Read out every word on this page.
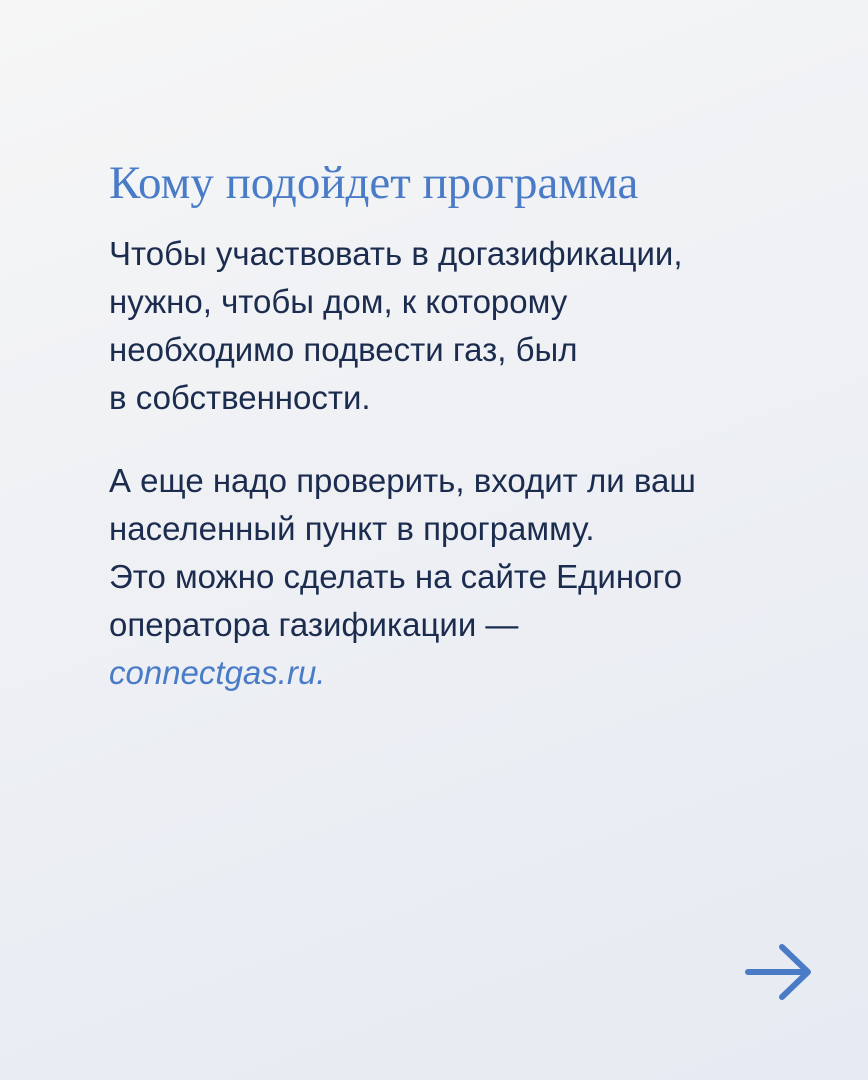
Кому подойдет программа
Чтобы участвовать в догазификации,
нужно, чтобы дом, к которому
необходимо подвести газ, был
в собственности.
А еще надо проверить, входит ли ваш
населенный пункт в программу.
Это можно сделать на сайте Единого
оператора газификации —
connectgas.ru.
